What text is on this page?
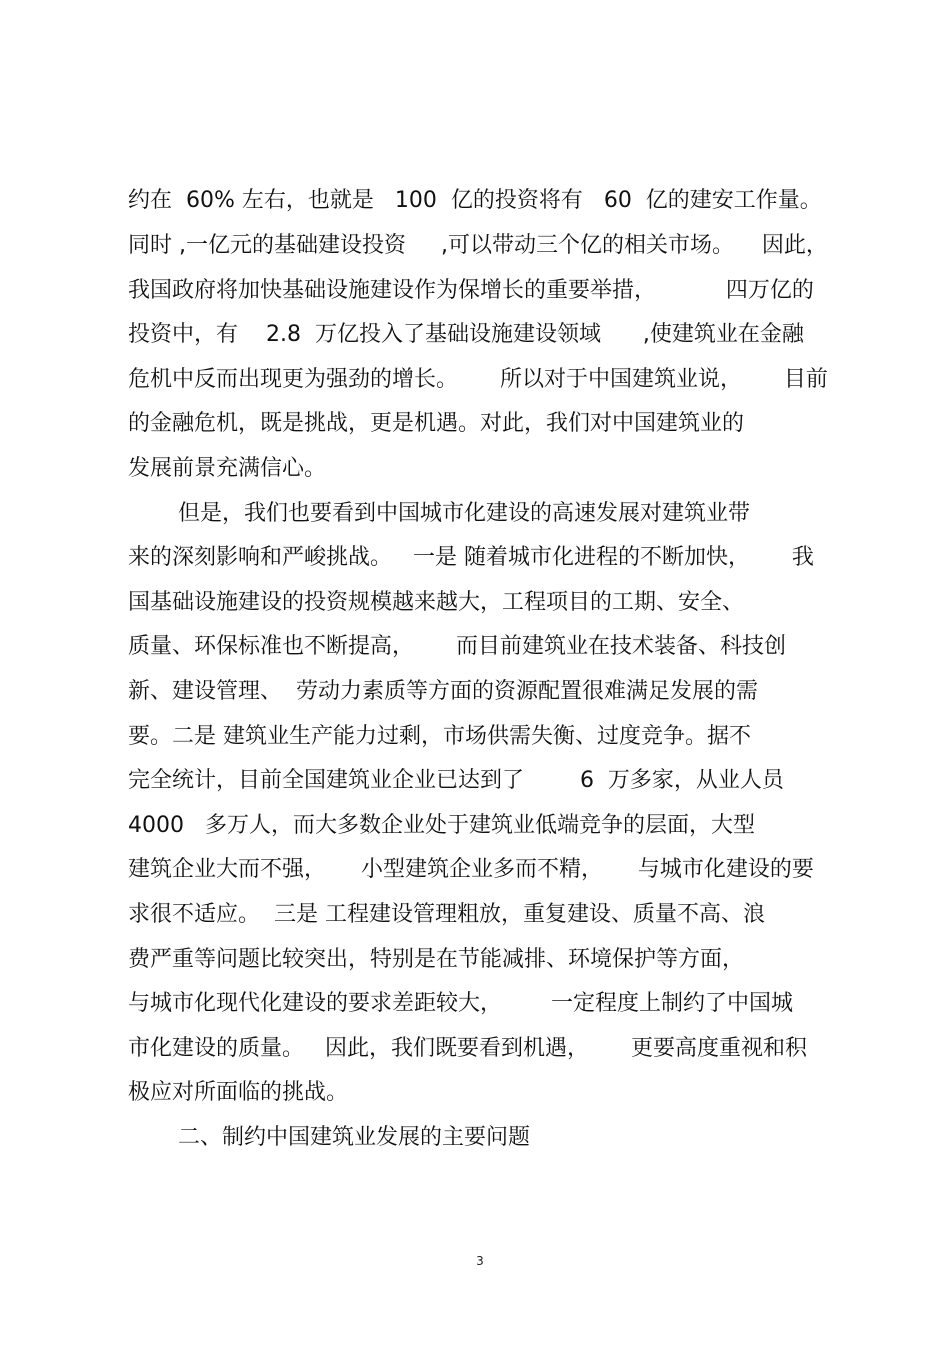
约在  60% 左右，也就是   100  亿的投资将有   60  亿的建安工作量。
同时 ,一亿元的基础建设投资     ,可以带动三个亿的相关市场。    因此，
我国政府将加快基础设施建设作为保增长的重要举措，          四万亿的
投资中，有    2.8  万亿投入了基础设施建设领域      ,使建筑业在金融
危机中反而出现更为强劲的增长。      所以对于中国建筑业说，      目前
的金融危机，既是挑战，更是机遇。对此，我们对中国建筑业的
发展前景充满信心。
但是，我们也要看到中国城市化建设的高速发展对建筑业带
来的深刻影响和严峻挑战。   一是 随着城市化进程的不断加快，      我
国基础设施建设的投资规模越来越大，工程项目的工期、安全、
质量、环保标准也不断提高，      而目前建筑业在技术装备、科技创
新、建设管理、  劳动力素质等方面的资源配置很难满足发展的需
要。二是 建筑业生产能力过剩，市场供需失衡、过度竞争。据不
完全统计，目前全国建筑业企业已达到了        6  万多家，从业人员
4000   多万人，而大多数企业处于建筑业低端竞争的层面，大型
建筑企业大而不强，     小型建筑企业多而不精，     与城市化建设的要
求很不适应。  三是 工程建设管理粗放，重复建设、质量不高、浪
费严重等问题比较突出，特别是在节能减排、环境保护等方面，
与城市化现代化建设的要求差距较大，       一定程度上制约了中国城
市化建设的质量。   因此，我们既要看到机遇，      更要高度重视和积
极应对所面临的挑战。
二、制约中国建筑业发展的主要问题
3
